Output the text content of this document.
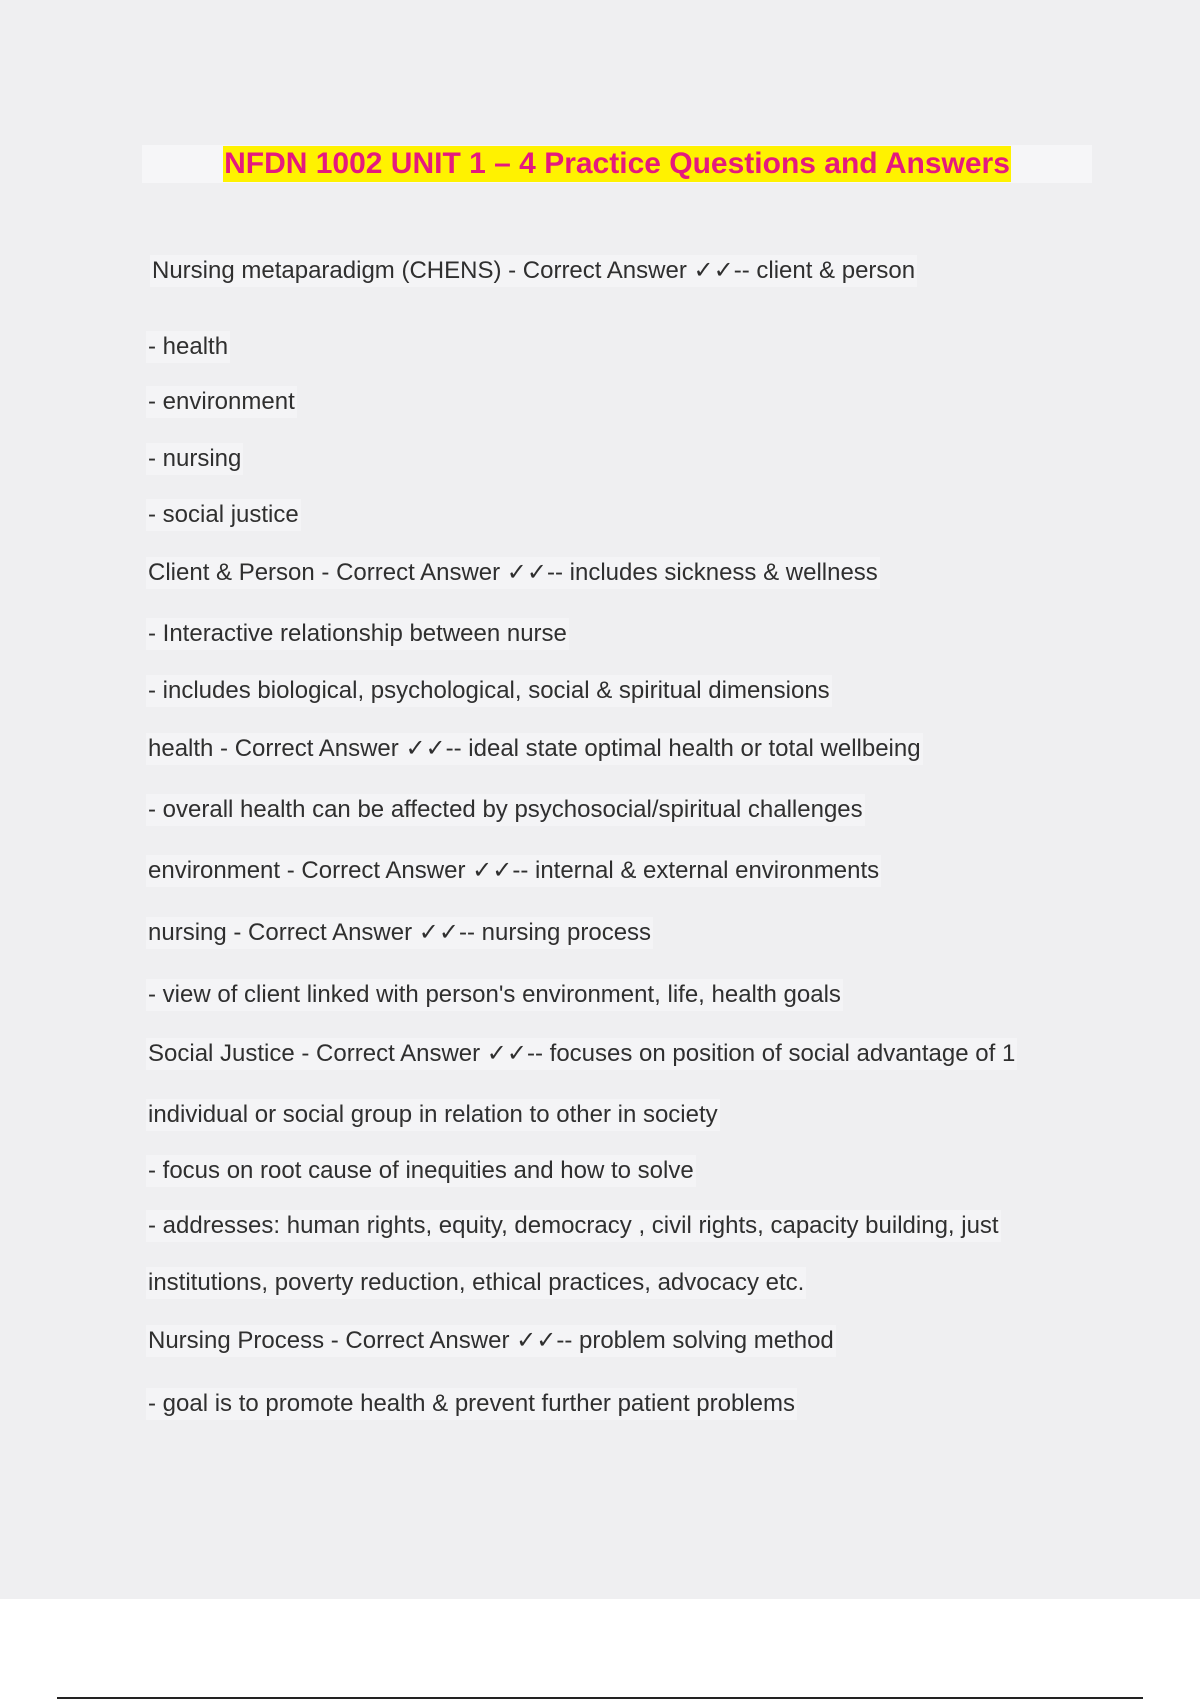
NFDN 1002 UNIT 1 – 4 Practice Questions and Answers
Nursing metaparadigm (CHENS) - Correct Answer ✓✓-- client & person
- health
- environment
- nursing
- social justice
Client & Person - Correct Answer ✓✓-- includes sickness & wellness
- Interactive relationship between nurse
- includes biological, psychological, social & spiritual dimensions
health - Correct Answer ✓✓-- ideal state optimal health or total wellbeing
- overall health can be affected by psychosocial/spiritual challenges
environment - Correct Answer ✓✓-- internal & external environments
nursing - Correct Answer ✓✓-- nursing process
- view of client linked with person's environment, life, health goals
Social Justice - Correct Answer ✓✓-- focuses on position of social advantage of 1
individual or social group in relation to other in society
- focus on root cause of inequities and how to solve
- addresses: human rights, equity, democracy , civil rights, capacity building, just
institutions, poverty reduction, ethical practices, advocacy etc.
Nursing Process - Correct Answer ✓✓-- problem solving method
- goal is to promote health & prevent further patient problems
